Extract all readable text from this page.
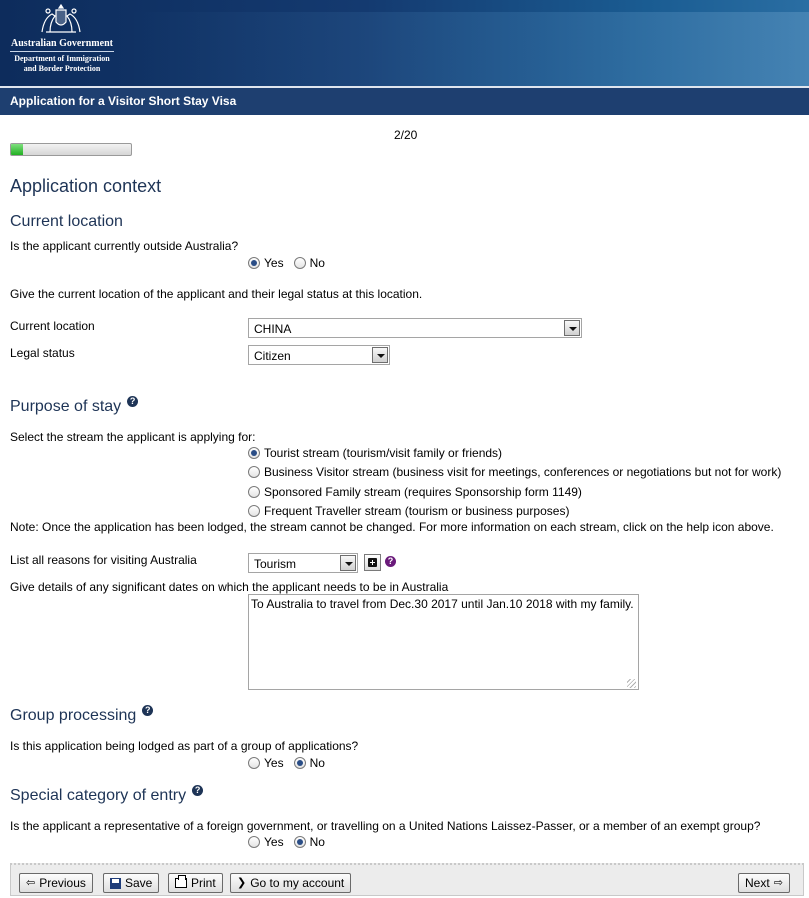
Australian Government
Department of Immigration
and Border Protection
Application for a Visitor Short Stay Visa
2/20
Application context
Current location
Is the applicant currently outside Australia?
Yes No
Give the current location of the applicant and their legal status at this location.
Current location	CHINA
Legal status	Citizen
Purpose of stay ?
Select the stream the applicant is applying for:
Tourist stream (tourism/visit family or friends)
Business Visitor stream (business visit for meetings, conferences or negotiations but not for work)
Sponsored Family stream (requires Sponsorship form 1149)
Frequent Traveller stream (tourism or business purposes)
Note: Once the application has been lodged, the stream cannot be changed. For more information on each stream, click on the help icon above.
List all reasons for visiting Australia	Tourism	?
Give details of any significant dates on which the applicant needs to be in Australia
To Australia to travel from Dec.30 2017 until Jan.10 2018 with my family.
Group processing ?
Is this application being lodged as part of a group of applications?
Yes No
Special category of entry ?
Is the applicant a representative of a foreign government, or travelling on a United Nations Laissez-Passer, or a member of an exempt group?
Yes No
⇦ Previous	Save	Print ❯ Go to my account	Next ⇨
